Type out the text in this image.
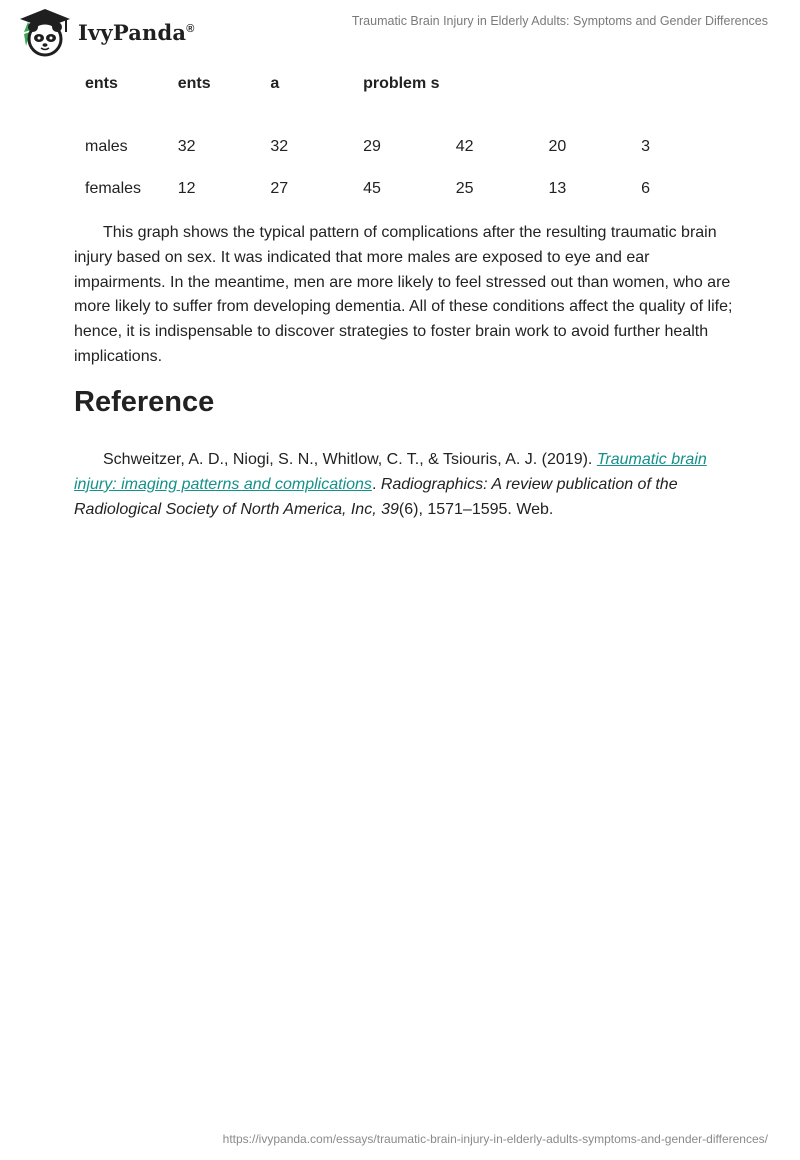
IvyPanda®
Traumatic Brain Injury in Elderly Adults: Symptoms and Gender Differences
ents	ents	a	problem s
males	32	32	29	42	20	3
females	12	27	45	25	13	6

This graph shows the typical pattern of complications after the resulting traumatic brain injury based on sex. It was indicated that more males are exposed to eye and ear impairments. In the meantime, men are more likely to feel stressed out than women, who are more likely to suffer from developing dementia. All of these conditions affect the quality of life; hence, it is indispensable to discover strategies to foster brain work to avoid further health implications.

Reference

Schweitzer, A. D., Niogi, S. N., Whitlow, C. T., & Tsiouris, A. J. (2019). Traumatic brain injury: imaging patterns and complications. Radiographics: A review publication of the Radiological Society of North America, Inc, 39(6), 1571–1595. Web.

https://ivypanda.com/essays/traumatic-brain-injury-in-elderly-adults-symptoms-and-gender-differences/
